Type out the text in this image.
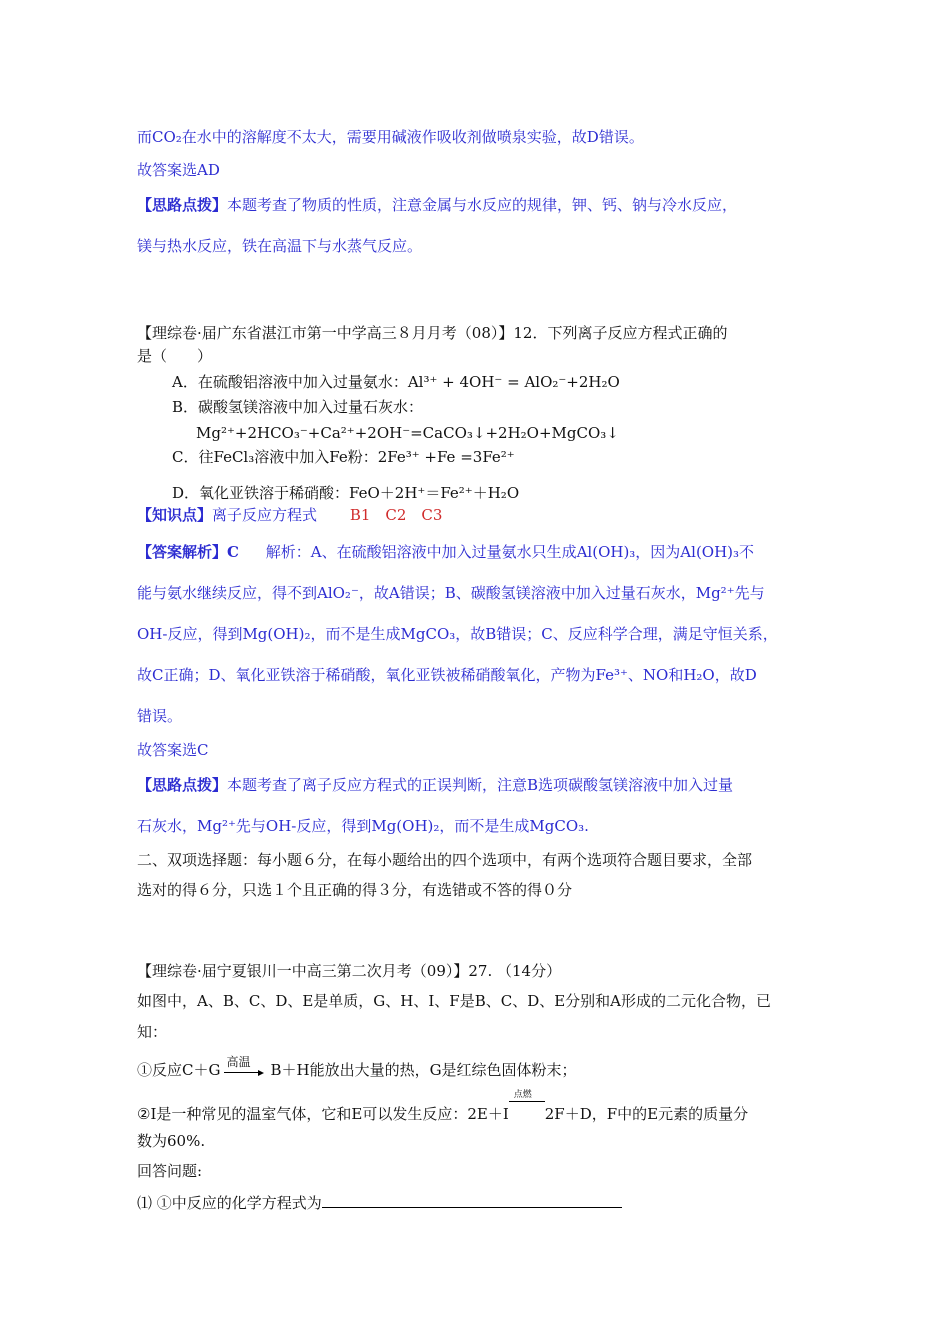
而CO₂在水中的溶解度不太大，需要用碱液作吸收剂做喷泉实验，故D错误。
故答案选AD
【思路点拨】本题考查了物质的性质，注意金属与水反应的规律，钾、钙、钠与冷水反应，
镁与热水反应，铁在高温下与水蒸气反应。
【理综卷·届广东省湛江市第一中学高三８月月考（08）】12．下列离子反应方程式正确的
是（　　）
A．在硫酸铝溶液中加入过量氨水：Al³⁺ + 4OH⁻ = AlO₂⁻+2H₂O
B．碳酸氢镁溶液中加入过量石灰水：
Mg²⁺+2HCO₃⁻+Ca²⁺+2OH⁻=CaCO₃↓+2H₂O+MgCO₃↓
C．往FeCl₃溶液中加入Fe粉：2Fe³⁺ +Fe =3Fe²⁺
D．氧化亚铁溶于稀硝酸：FeO＋2H⁺＝Fe²⁺＋H₂O
【知识点】离子反应方程式 B1　C2　C3
【答案解析】C 解析：A、在硫酸铝溶液中加入过量氨水只生成Al(OH)₃，因为Al(OH)₃不
能与氨水继续反应，得不到AlO₂⁻，故A错误；B、碳酸氢镁溶液中加入过量石灰水，Mg²⁺先与
OH-反应，得到Mg(OH)₂，而不是生成MgCO₃，故B错误；C、反应科学合理，满足守恒关系，
故C正确；D、氧化亚铁溶于稀硝酸，氧化亚铁被稀硝酸氧化，产物为Fe³⁺、NO和H₂O，故D
错误。
故答案选C
【思路点拨】本题考查了离子反应方程式的正误判断，注意B选项碳酸氢镁溶液中加入过量
石灰水，Mg²⁺先与OH-反应，得到Mg(OH)₂，而不是生成MgCO₃.
二、双项选择题：每小题６分，在每小题给出的四个选项中，有两个选项符合题目要求，全部
选对的得６分，只选１个且正确的得３分，有选错或不答的得０分
【理综卷·届宁夏银川一中高三第二次月考（09）】27. （14分）
如图中，A、B、C、D、E是单质，G、H、I、F是B、C、D、E分别和A形成的二元化合物，已
知：
①反应C＋G 高温 B＋H能放出大量的热，G是红综色固体粉末；
②I是一种常见的温室气体，它和E可以发生反应：2E＋I
点燃
2F＋D，F中的E元素的质量分
数为60%.
回答问题:
⑴ ①中反应的化学方程式为
